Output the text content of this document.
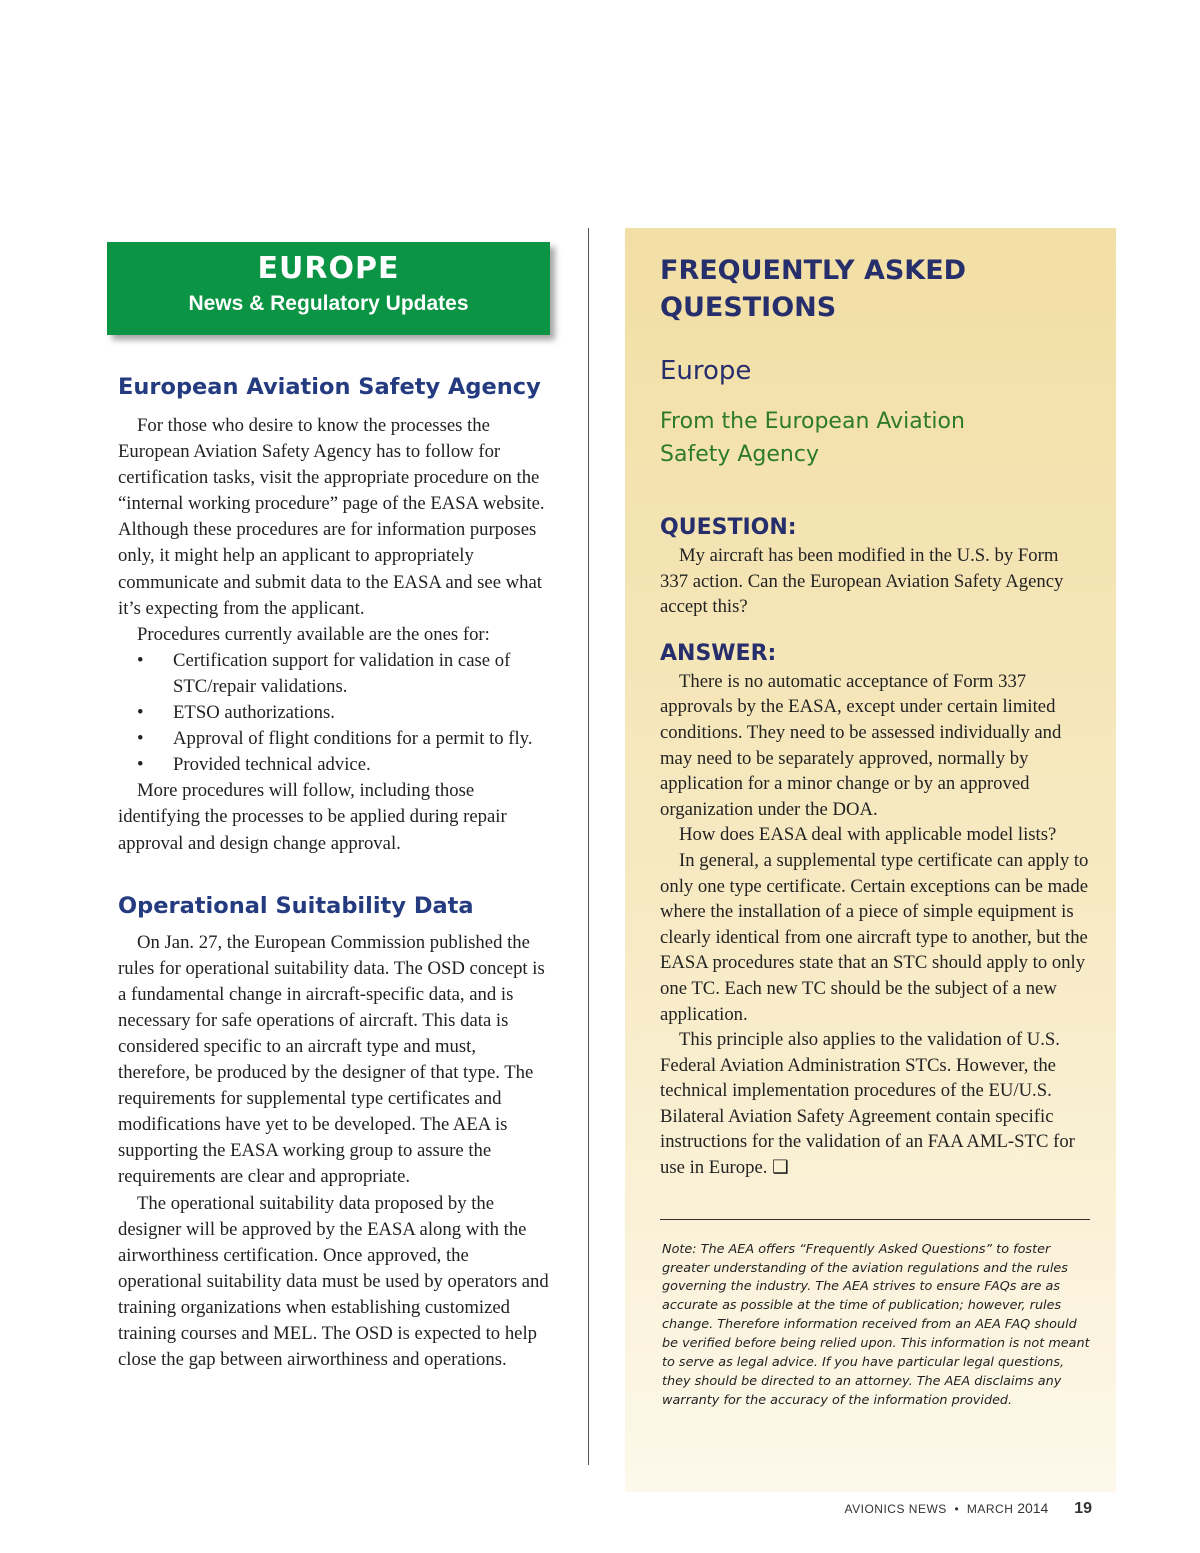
EUROPE
News & Regulatory Updates
European Aviation Safety Agency

For those who desire to know the processes the European Aviation Safety Agency has to follow for certification tasks, visit the appropriate procedure on the “internal working procedure” page of the EASA website. Although these procedures are for information purposes only, it might help an applicant to appropriately communicate and submit data to the EASA and see what it’s expecting from the applicant.

Procedures currently available are the ones for:

• Certification support for validation in case of STC/repair validations.
• ETSO authorizations.
• Approval of flight conditions for a permit to fly.
• Provided technical advice.

More procedures will follow, including those identifying the processes to be applied during repair approval and design change approval.

Operational Suitability Data

On Jan. 27, the European Commission published the rules for operational suitability data. The OSD concept is a fundamental change in aircraft-specific data, and is necessary for safe operations of aircraft. This data is considered specific to an aircraft type and must, therefore, be produced by the designer of that type. The requirements for supplemental type certificates and modifications have yet to be developed. The AEA is supporting the EASA working group to assure the requirements are clear and appropriate.

The operational suitability data proposed by the designer will be approved by the EASA along with the airworthiness certification. Once approved, the operational suitability data must be used by operators and training organizations when establishing customized training courses and MEL. The OSD is expected to help close the gap between airworthiness and operations.

FREQUENTLY ASKED
QUESTIONS
Europe
From the European Aviation
Safety Agency
QUESTION:

My aircraft has been modified in the U.S. by Form 337 action. Can the European Aviation Safety Agency accept this?

ANSWER:

There is no automatic acceptance of Form 337 approvals by the EASA, except under certain limited conditions. They need to be assessed individually and may need to be separately approved, normally by application for a minor change or by an approved organization under the DOA.

How does EASA deal with applicable model lists?

In general, a supplemental type certificate can apply to only one type certificate. Certain exceptions can be made where the installation of a piece of simple equipment is clearly identical from one aircraft type to another, but the EASA procedures state that an STC should apply to only one TC. Each new TC should be the subject of a new application.

This principle also applies to the validation of U.S. Federal Aviation Administration STCs. However, the technical implementation procedures of the EU/U.S. Bilateral Aviation Safety Agreement contain specific instructions for the validation of an FAA AML-STC for use in Europe. ❑

Note: The AEA offers “Frequently Asked Questions” to foster greater understanding of the aviation regulations and the rules governing the industry. The AEA strives to ensure FAQs are as accurate as possible at the time of publication; however, rules change. Therefore information received from an AEA FAQ should be verified before being relied upon. This information is not meant to serve as legal advice. If you have particular legal questions, they should be directed to an attorney. The AEA disclaims any warranty for the accuracy of the information provided.

AVIONICS NEWS • MARCH 2014 19
